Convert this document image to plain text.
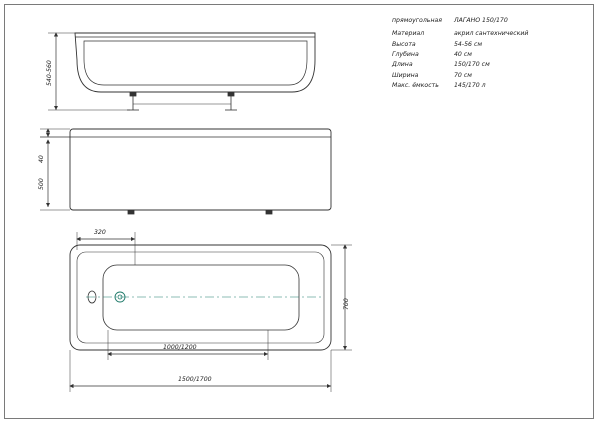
прямоугольная	ЛАГАНО 150/170
Материал	акрил сантехнический
Высота	54-56 см
Глубина	40 см
Длина	150/170 см
Ширина	70 см
Макс. ёмкость	145/170 л
540-560
40
500
320
1000/1200
700
1500/1700
